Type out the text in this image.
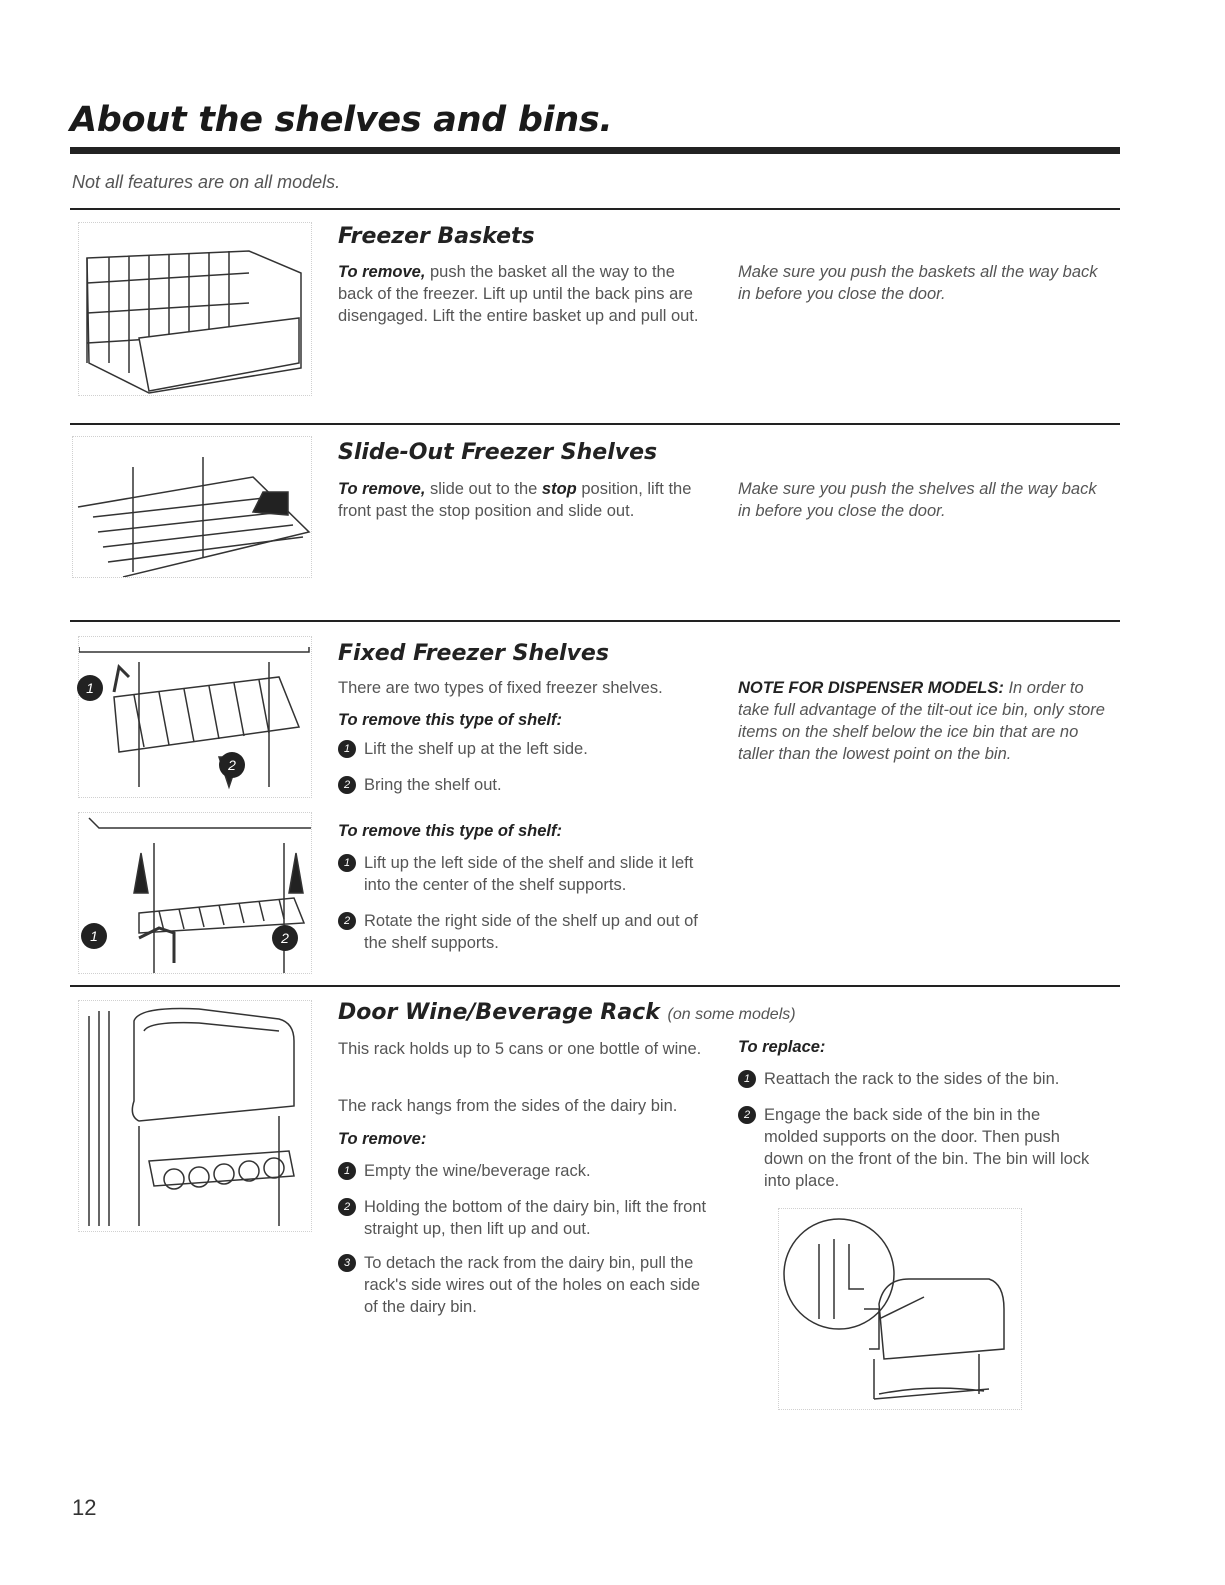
About the shelves and bins.
Not all features are on all models.
Freezer Baskets
To remove, push the basket all the way to the back of the freezer. Lift up until the back pins are disengaged. Lift the entire basket up and pull out.
Make sure you push the baskets all the way back in before you close the door.
Slide-Out Freezer Shelves
To remove, slide out to the stop position, lift the front past the stop position and slide out.
Make sure you push the shelves all the way back in before you close the door.
1
2
1	2
Fixed Freezer Shelves
There are two types of fixed freezer shelves.
To remove this type of shelf:
1 Lift the shelf up at the left side.
2 Bring the shelf out.
To remove this type of shelf:
1 Lift up the left side of the shelf and slide it left into the center of the shelf supports.
2 Rotate the right side of the shelf up and out of the shelf supports.
NOTE FOR DISPENSER MODELS: In order to take full advantage of the tilt-out ice bin, only store items on the shelf below the ice bin that are no taller than the lowest point on the bin.
Door Wine/Beverage Rack (on some models)
This rack holds up to 5 cans or one bottle of wine.
The rack hangs from the sides of the dairy bin.
To remove:
1 Empty the wine/beverage rack.
2 Holding the bottom of the dairy bin, lift the front straight up, then lift up and out.
3 To detach the rack from the dairy bin, pull the rack's side wires out of the holes on each side of the dairy bin.
To replace:
1 Reattach the rack to the sides of the bin.
2 Engage the back side of the bin in the molded supports on the door. Then push down on the front of the bin. The bin will lock into place.
12
